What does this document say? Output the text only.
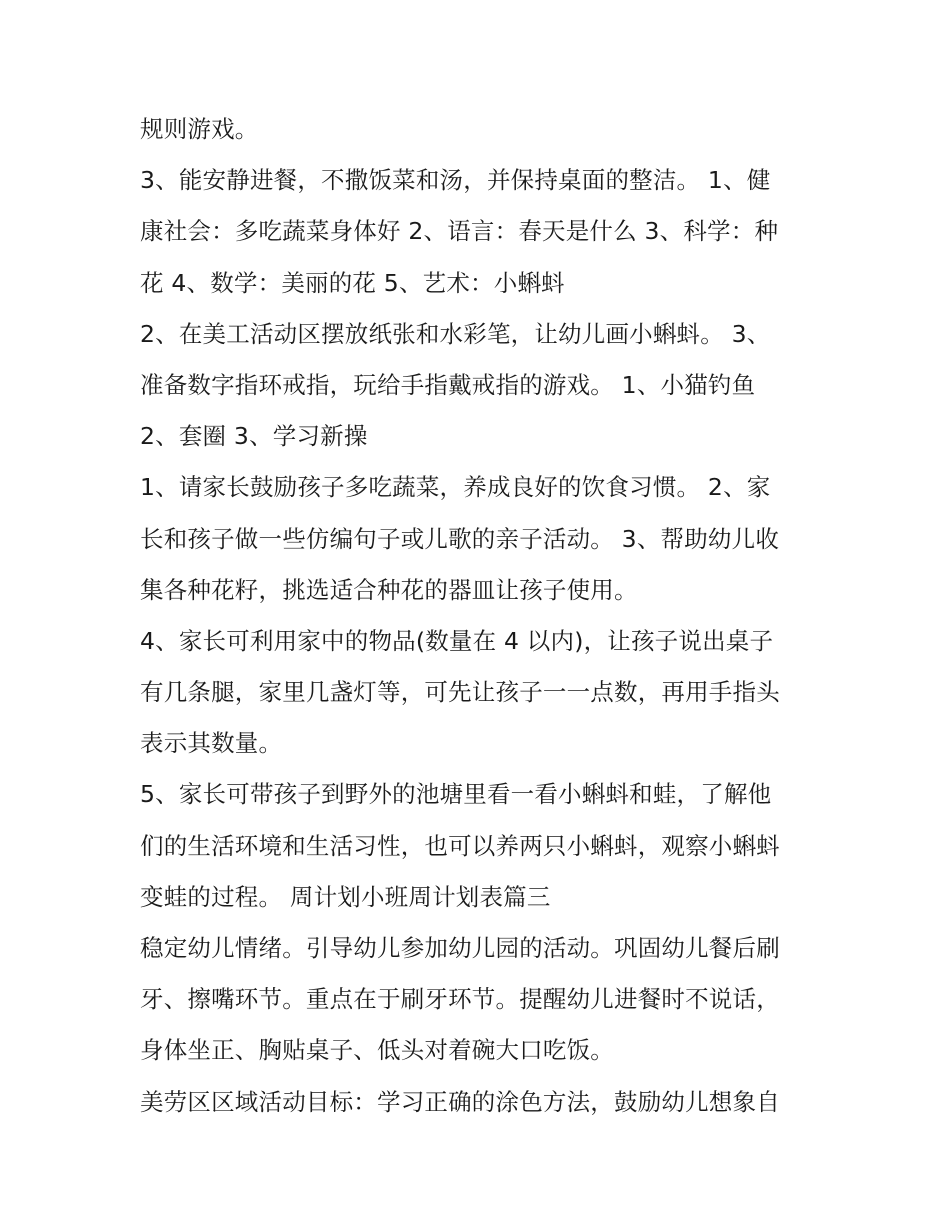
规则游戏。
3、能安静进餐，不撒饭菜和汤，并保持桌面的整洁。 1、健
康社会：多吃蔬菜身体好 2、语言：春天是什么 3、科学：种
花 4、数学：美丽的花 5、艺术：小蝌蚪
2、在美工活动区摆放纸张和水彩笔，让幼儿画小蝌蚪。 3、
准备数字指环戒指，玩给手指戴戒指的游戏。 1、小猫钓鱼
2、套圈 3、学习新操
1、请家长鼓励孩子多吃蔬菜，养成良好的饮食习惯。 2、家
长和孩子做一些仿编句子或儿歌的亲子活动。 3、帮助幼儿收
集各种花籽，挑选适合种花的器皿让孩子使用。
4、家长可利用家中的物品(数量在 4 以内)，让孩子说出桌子
有几条腿，家里几盏灯等，可先让孩子一一点数，再用手指头
表示其数量。
5、家长可带孩子到野外的池塘里看一看小蝌蚪和蛙，了解他
们的生活环境和生活习性，也可以养两只小蝌蚪，观察小蝌蚪
变蛙的过程。 周计划小班周计划表篇三
稳定幼儿情绪。引导幼儿参加幼儿园的活动。巩固幼儿餐后刷
牙、擦嘴环节。重点在于刷牙环节。提醒幼儿进餐时不说话，
身体坐正、胸贴桌子、低头对着碗大口吃饭。
美劳区区域活动目标：学习正确的涂色方法，鼓励幼儿想象自
